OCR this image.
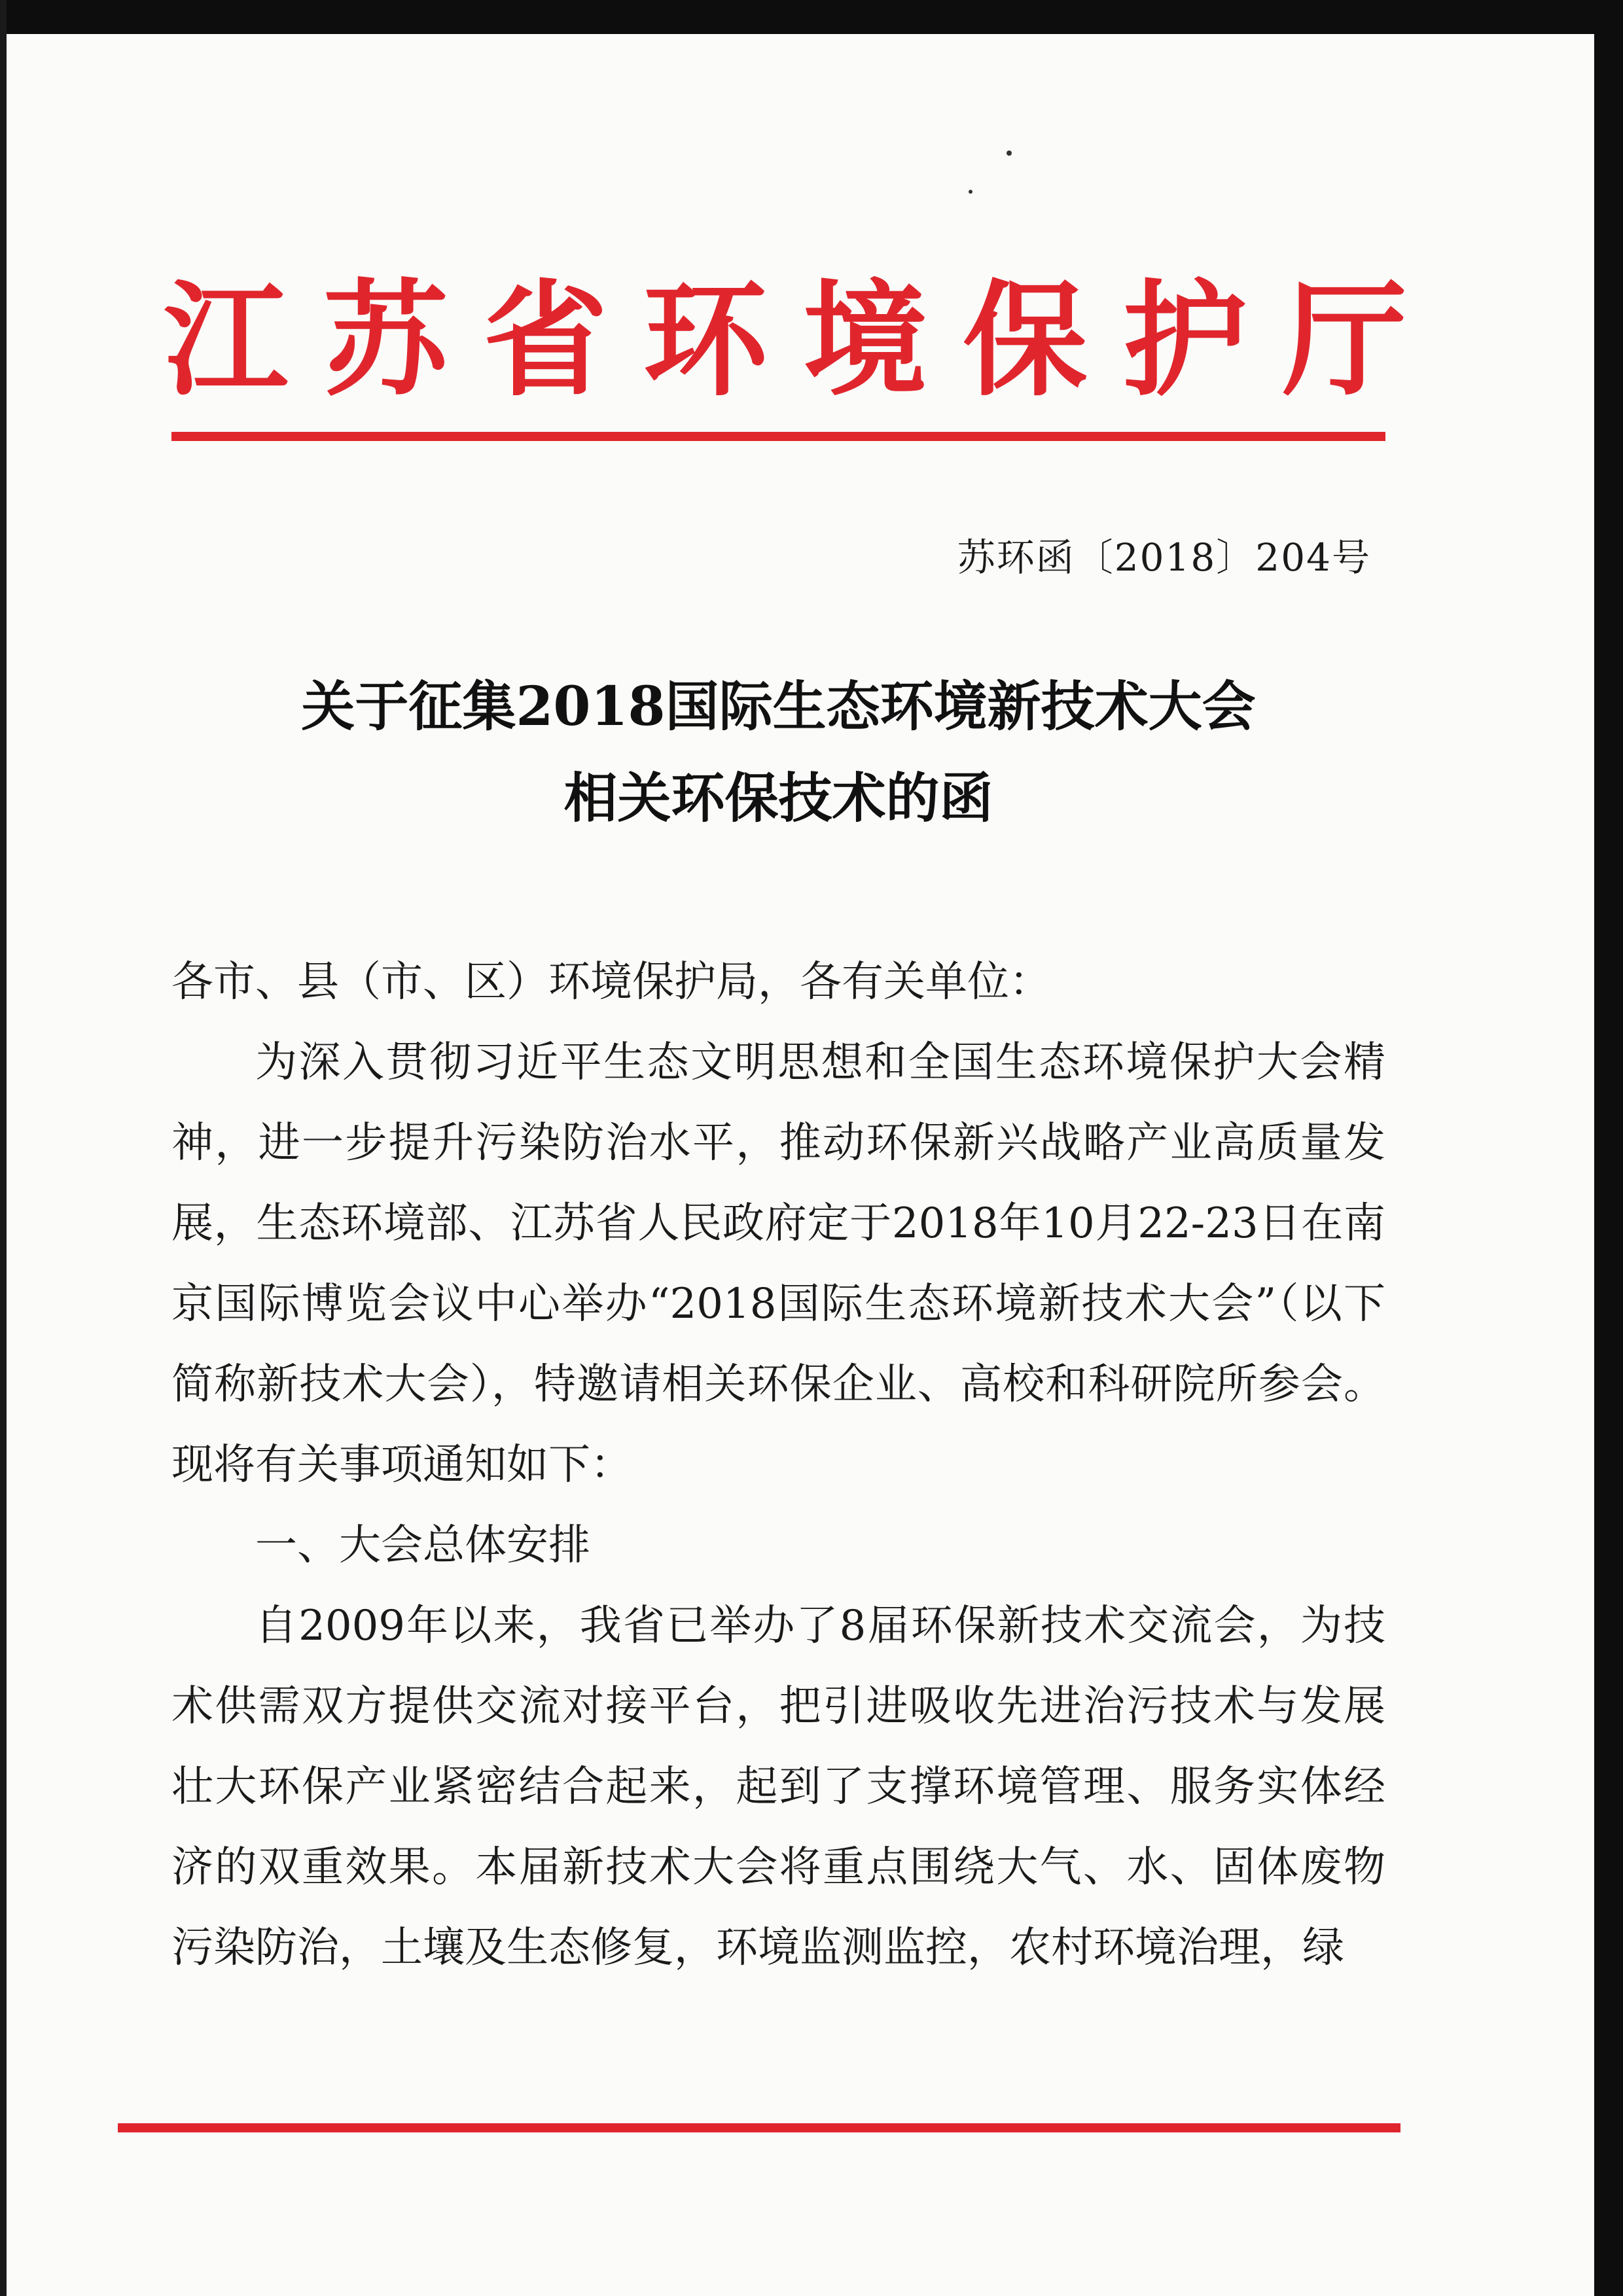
江 苏 省 环 境 保 护 厅
苏环函〔2018〕204号
关于征集2018国际生态环境新技术大会
相关环保技术的函

各市、县（市、区）环境保护局，各有关单位：

为深入贯彻习近平生态文明思想和全国生态环境保护大会精神，进一步提升污染防治水平，推动环保新兴战略产业高质量发展，生态环境部、江苏省人民政府定于2018年10月22-23日在南京国际博览会议中心举办“2018国际生态环境新技术大会”（以下简称新技术大会），特邀请相关环保企业、高校和科研院所参会。现将有关事项通知如下：

一、大会总体安排

自2009年以来，我省已举办了8届环保新技术交流会，为技术供需双方提供交流对接平台，把引进吸收先进治污技术与发展壮大环保产业紧密结合起来，起到了支撑环境管理、服务实体经济的双重效果。本届新技术大会将重点围绕大气、水、固体废物污染防治，土壤及生态修复，环境监测监控，农村环境治理，绿
